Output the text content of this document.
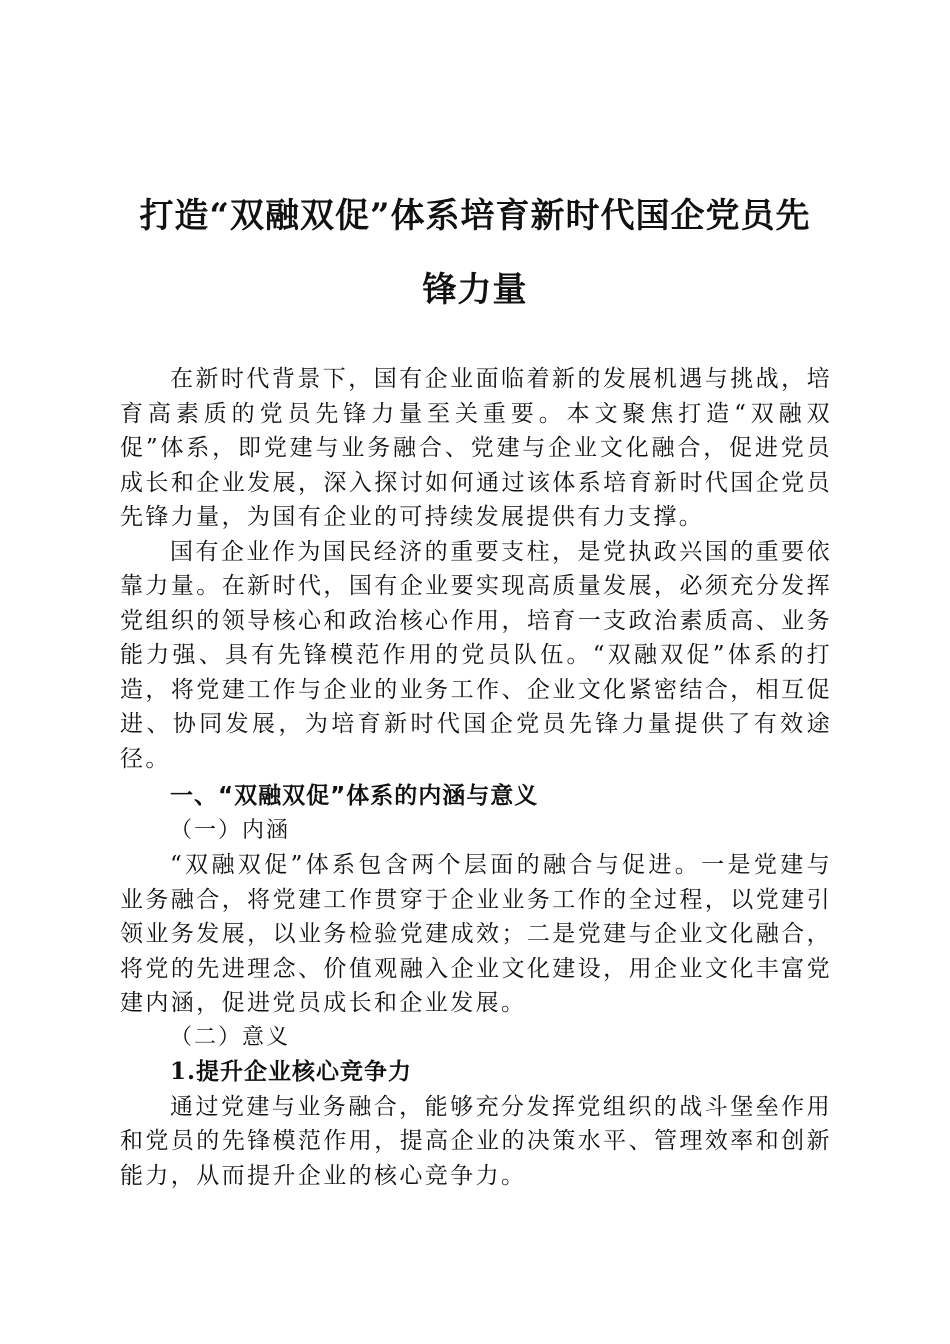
打造“双融双促”体系培育新时代国企党员先
锋力量

在新时代背景下，国有企业面临着新的发展机遇与挑战，培育高素质的党员先锋力量至关重要。本文聚焦打造“双融双促”体系，即党建与业务融合、党建与企业文化融合，促进党员成长和企业发展，深入探讨如何通过该体系培育新时代国企党员先锋力量，为国有企业的可持续发展提供有力支撑。

国有企业作为国民经济的重要支柱，是党执政兴国的重要依靠力量。在新时代，国有企业要实现高质量发展，必须充分发挥党组织的领导核心和政治核心作用，培育一支政治素质高、业务能力强、具有先锋模范作用的党员队伍。“双融双促”体系的打造，将党建工作与企业的业务工作、企业文化紧密结合，相互促进、协同发展，为培育新时代国企党员先锋力量提供了有效途径。

一、“双融双促”体系的内涵与意义

（一）内涵

“双融双促”体系包含两个层面的融合与促进。一是党建与业务融合，将党建工作贯穿于企业业务工作的全过程，以党建引领业务发展，以业务检验党建成效；二是党建与企业文化融合，将党的先进理念、价值观融入企业文化建设，用企业文化丰富党建内涵，促进党员成长和企业发展。

（二）意义

1.提升企业核心竞争力

通过党建与业务融合，能够充分发挥党组织的战斗堡垒作用和党员的先锋模范作用，提高企业的决策水平、管理效率和创新能力，从而提升企业的核心竞争力。
